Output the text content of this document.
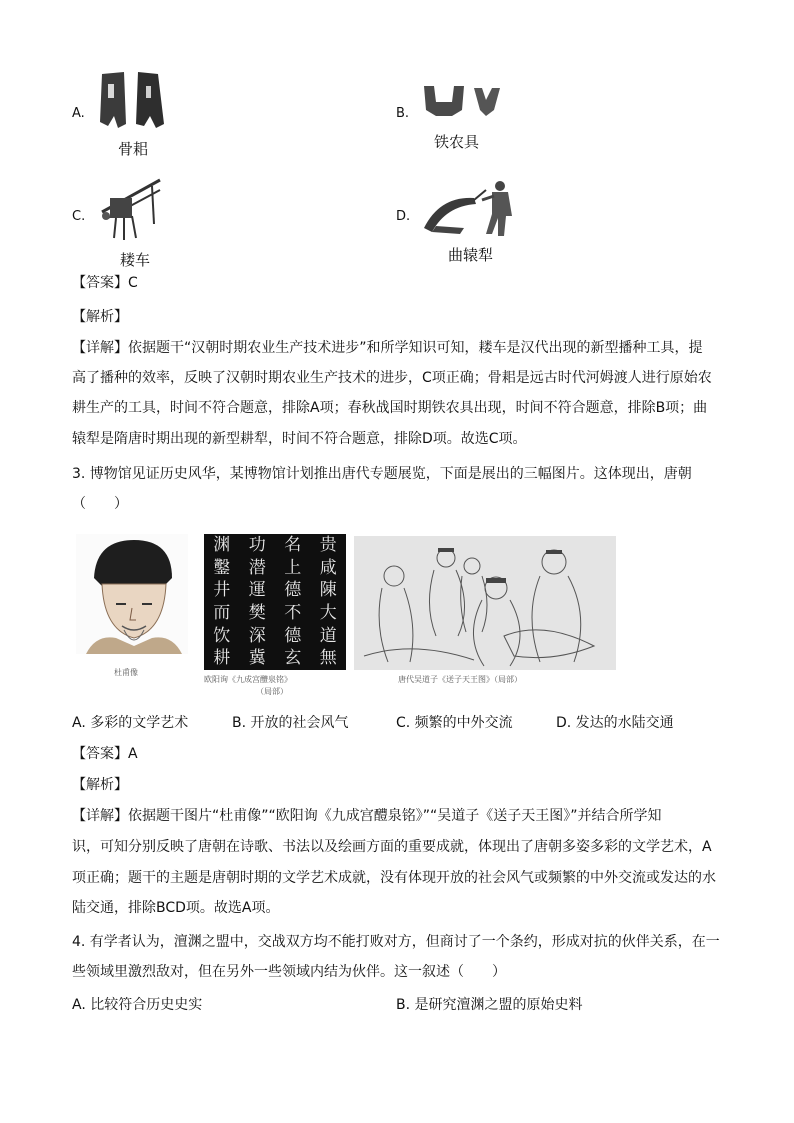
A.
骨耜
B.
铁农具
C.
耧车
D.
曲辕犁
【答案】C
【解析】
【详解】依据题干“汉朝时期农业生产技术进步”和所学知识可知，耧车是汉代出现的新型播种工具，提
高了播种的效率，反映了汉朝时期农业生产技术的进步，C项正确；骨耜是远古时代河姆渡人进行原始农
耕生产的工具，时间不符合题意，排除A项；春秋战国时期铁农具出现，时间不符合题意，排除B项；曲
辕犁是隋唐时期出现的新型耕犁，时间不符合题意，排除D项。故选C项。
3. 博物馆见证历史风华，某博物馆计划推出唐代专题展览，下面是展出的三幅图片。这体现出，唐朝
（　　）
杜甫像
渊
鑿
井
而
饮
耕
功
潜
運
樊
深
冀
名
上
德
不
德
玄
贵
咸
陳
大
道
無
欧阳询《九成宫醴泉铭》
（局部）
唐代吴道子《送子天王图》（局部）
A. 多彩的文学艺术	B. 开放的社会风气	C. 频繁的中外交流	D. 发达的水陆交通
【答案】A
【解析】
【详解】依据题干图片“杜甫像”“欧阳询《九成宫醴泉铭》”“吴道子《送子天王图》”并结合所学知
识，可知分别反映了唐朝在诗歌、书法以及绘画方面的重要成就，体现出了唐朝多姿多彩的文学艺术，A
项正确；题干的主题是唐朝时期的文学艺术成就，没有体现开放的社会风气或频繁的中外交流或发达的水
陆交通，排除BCD项。故选A项。
4. 有学者认为，澶渊之盟中，交战双方均不能打败对方，但商讨了一个条约，形成对抗的伙伴关系，在一
些领域里激烈敌对，但在另外一些领域内结为伙伴。这一叙述（　　）
A. 比较符合历史史实	B. 是研究澶渊之盟的原始史料
